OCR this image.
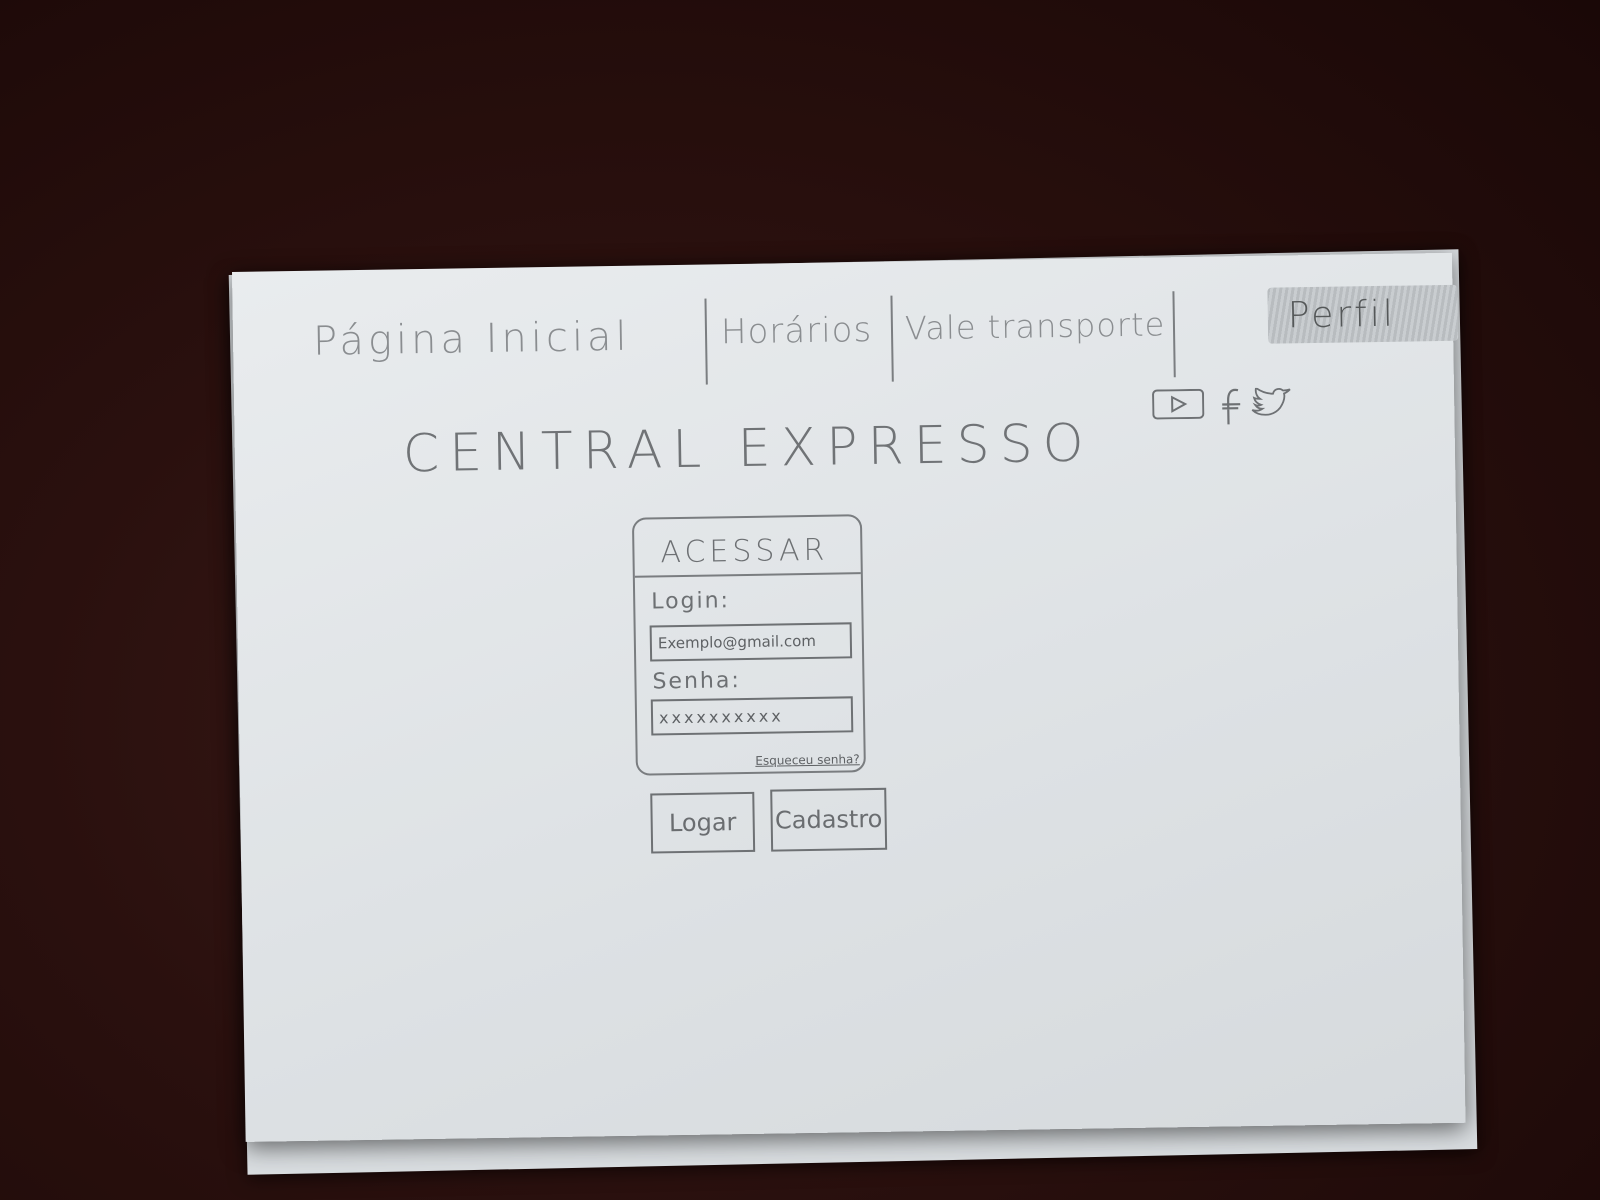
Página Inicial	Horários Vale transporte	Perfil
CENTRAL EXPRESSO
ACESSAR
Login:
Exemplo@gmail.com
Senha:
xxxxxxxxxx
Esqueceu senha?
Logar	Cadastro
